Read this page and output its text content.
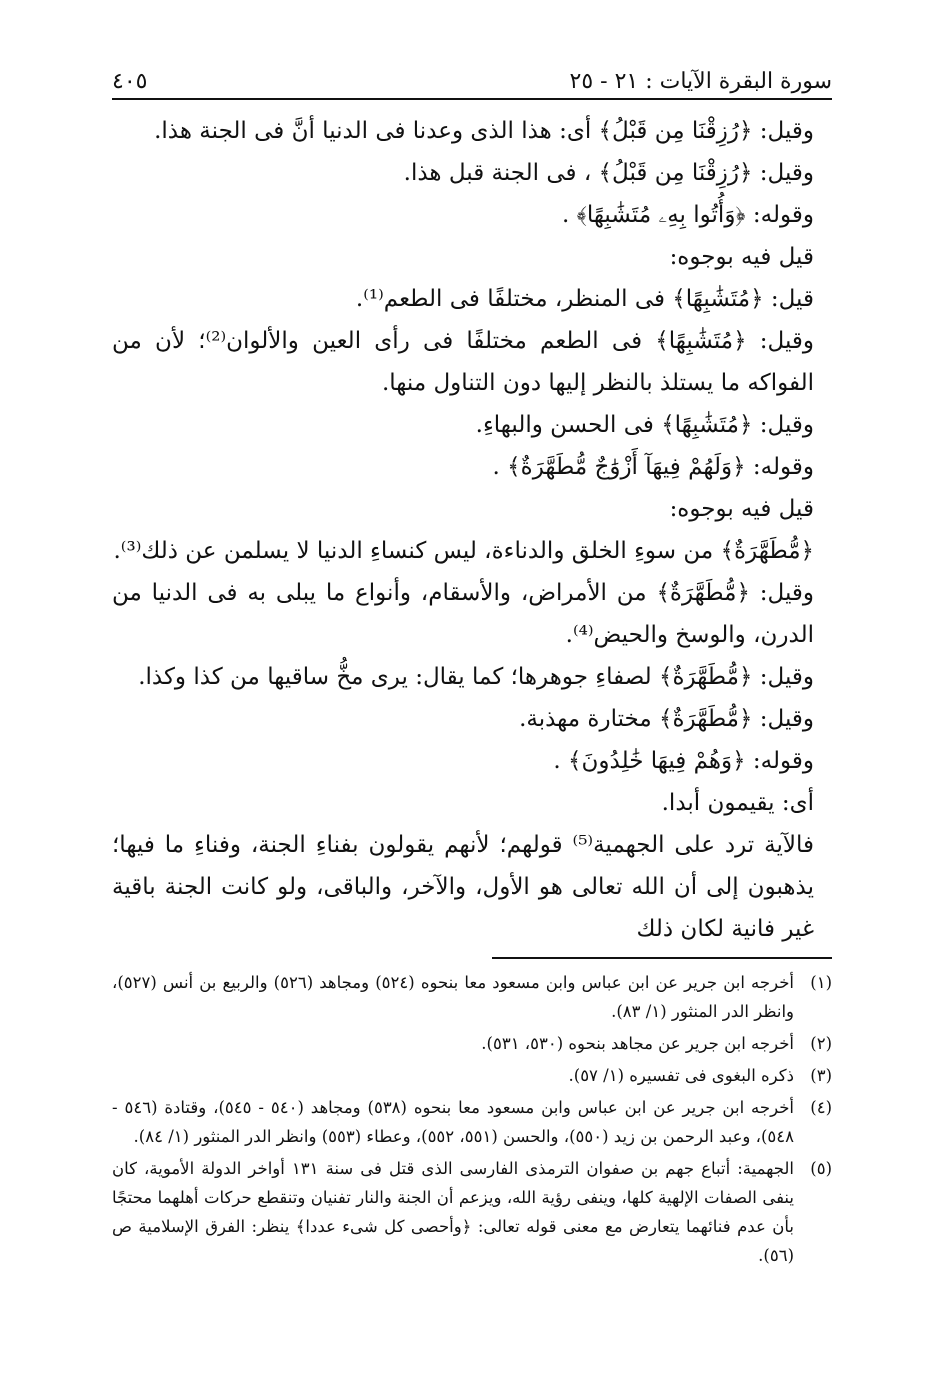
سورة البقرة الآيات : ٢١ - ٢٥
٤٠٥

وقيل: ﴿رُزِقْنَا مِن قَبْلُ﴾ أى: هذا الذى وعدنا فى الدنيا أنَّ فى الجنة هذا.

وقيل: ﴿رُزِقْنَا مِن قَبْلُ﴾ ، فى الجنة قبل هذا.

وقوله: ﴿وَأُتُوا بِهِۦ مُتَشَٰبِهًا﴾ .

قيل فيه بوجوه:

قيل: ﴿مُتَشَٰبِهًا﴾ فى المنظر، مختلفًا فى الطعم⁽¹⁾.

وقيل: ﴿مُتَشَٰبِهًا﴾ فى الطعم مختلفًا فى رأى العين والألوان⁽²⁾؛ لأن من الفواكه ما يستلذ بالنظر إليها دون التناول منها.

وقيل: ﴿مُتَشَٰبِهًا﴾ فى الحسن والبهاءِ.

وقوله: ﴿وَلَهُمْ فِيهَآ أَزْوَٰجٌ مُّطَهَّرَةٌ﴾ .

قيل فيه بوجوه:

﴿مُّطَهَّرَةٌ﴾ من سوءِ الخلق والدناءة، ليس كنساءِ الدنيا لا يسلمن عن ذلك⁽³⁾.

وقيل: ﴿مُّطَهَّرَةٌ﴾ من الأمراض، والأسقام، وأنواع ما يبلى به فى الدنيا من الدرن، والوسخ والحيض⁽⁴⁾.

وقيل: ﴿مُّطَهَّرَةٌ﴾ لصفاءِ جوهرها؛ كما يقال: يرى مخُّ ساقيها من كذا وكذا.

وقيل: ﴿مُّطَهَّرَةٌ﴾ مختارة مهذبة.

وقوله: ﴿وَهُمْ فِيهَا خَٰلِدُونَ﴾ .

أى: يقيمون أبدا.

فالآية ترد على الجهمية⁽⁵⁾ قولهم؛ لأنهم يقولون بفناءِ الجنة، وفناءِ ما فيها؛ يذهبون إلى أن الله تعالى هو الأول، والآخر، والباقى، ولو كانت الجنة باقية غير فانية لكان ذلك

(١)
أخرجه ابن جرير عن ابن عباس وابن مسعود معا بنحوه (٥٢٤) ومجاهد (٥٢٦) والربيع بن أنس (٥٢٧)، وانظر الدر المنثور (١/ ٨٣).
(٢)
أخرجه ابن جرير عن مجاهد بنحوه (٥٣٠، ٥٣١).
(٣)
ذكره البغوى فى تفسيره (١/ ٥٧).
(٤)
أخرجه ابن جرير عن ابن عباس وابن مسعود معا بنحوه (٥٣٨) ومجاهد (٥٤٠ - ٥٤٥)، وقتادة (٥٤٦ - ٥٤٨)، وعبد الرحمن بن زيد (٥٥٠)، والحسن (٥٥١، ٥٥٢)، وعطاء (٥٥٣) وانظر الدر المنثور (١/ ٨٤).
(٥)
الجهمية: أتباع جهم بن صفوان الترمذى الفارسى الذى قتل فى سنة ١٣١ أواخر الدولة الأموية، كان ينفى الصفات الإلهية كلها، وينفى رؤية الله، ويزعم أن الجنة والنار تفنيان وتنقطع حركات أهلهما محتجًا بأن عدم فنائهما يتعارض مع معنى قوله تعالى: ﴿وأحصى كل شىء عددا﴾ ينظر: الفرق الإسلامية ص (٥٦).
